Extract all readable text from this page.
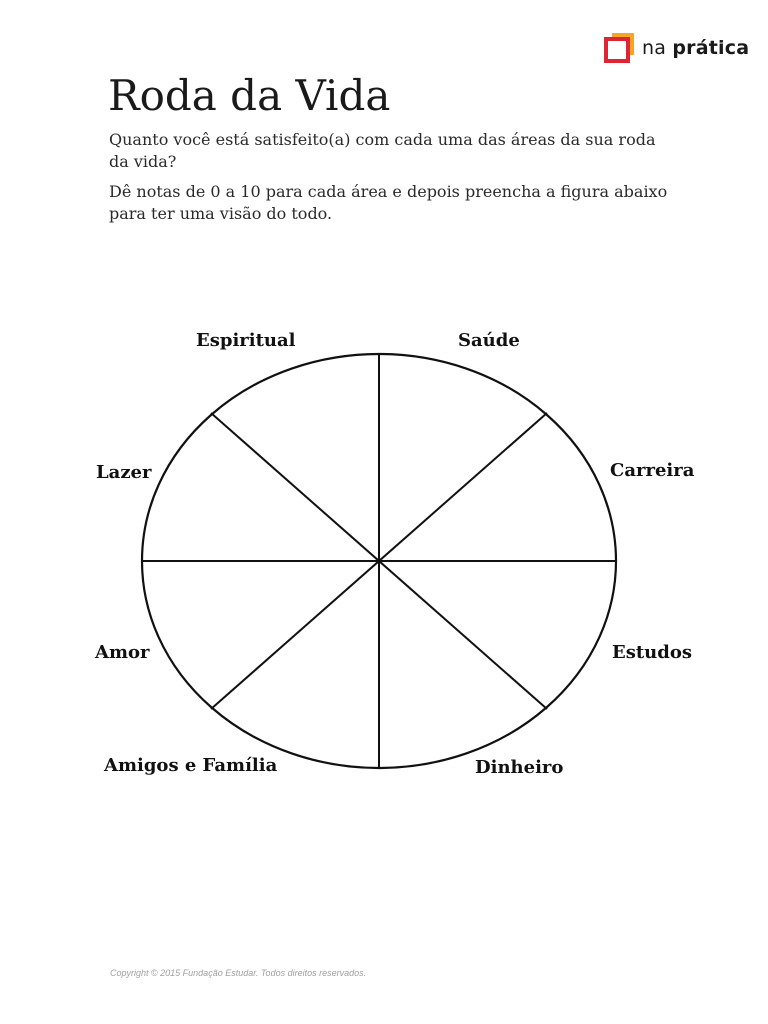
na prática
Roda da Vida

Quanto você está satisfeito(a) com cada uma das áreas da sua roda da vida?

Dê notas de 0 a 10 para cada área e depois preencha a figura abaixo para ter uma visão do todo.

Espiritual	Saúde
Lazer	Carreira
Amor	Estudos
Amigos e Família	Dinheiro
Copyright © 2015 Fundação Estudar. Todos direitos reservados.
